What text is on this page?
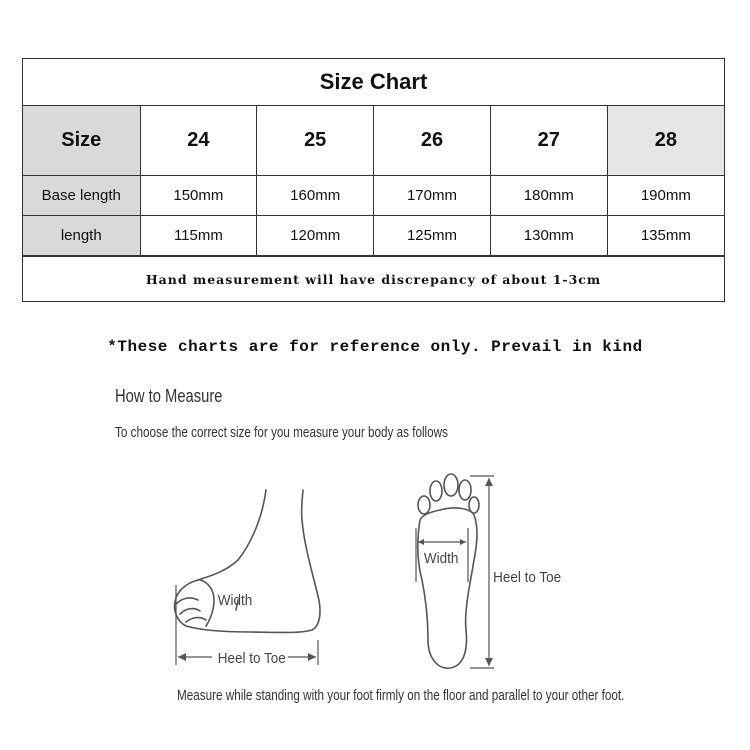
Size Chart
Size	24	25	26	27	28
Base length	150mm	160mm	170mm	180mm	190mm
length	115mm	120mm	125mm	130mm	135mm
Hand measurement will have discrepancy of about 1-3cm
*These charts are for reference only. Prevail in kind
How to Measure
To choose the correct size for you measure your body as follows
Width
Heel to Toe
Width
Heel to Toe
Measure while standing with your foot firmly on the floor and parallel to your other foot.
